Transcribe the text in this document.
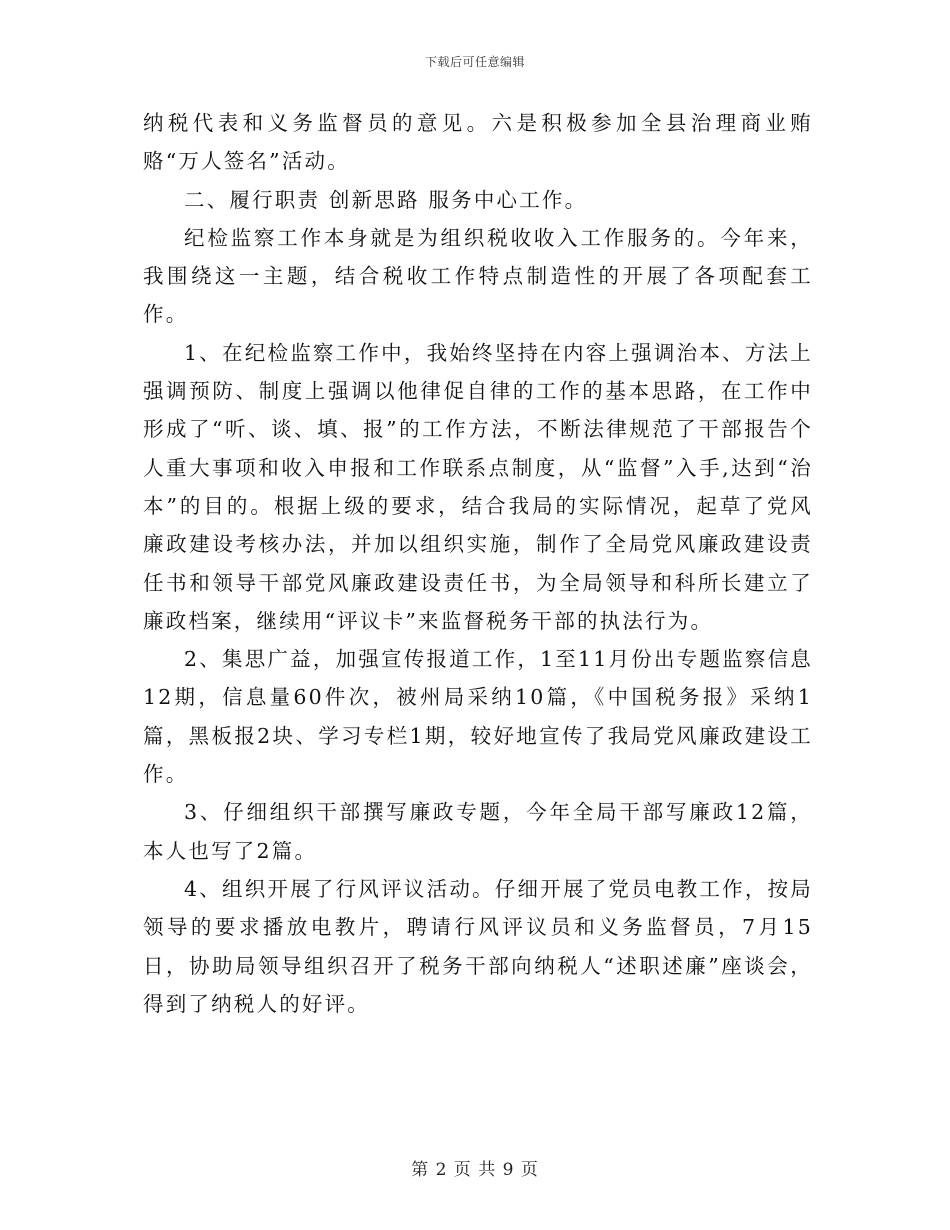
下载后可任意编辑

纳税代表和义务监督员的意见。六是积极参加全县治理商业贿赂“万人签名”活动。

二、履行职责 创新思路 服务中心工作。

纪检监察工作本身就是为组织税收收入工作服务的。今年来，我围绕这一主题，结合税收工作特点制造性的开展了各项配套工作。

1、在纪检监察工作中，我始终坚持在内容上强调治本、方法上强调预防、制度上强调以他律促自律的工作的基本思路，在工作中形成了“听、谈、填、报”的工作方法，不断法律规范了干部报告个人重大事项和收入申报和工作联系点制度，从“监督”入手,达到“治本”的目的。根据上级的要求，结合我局的实际情况，起草了党风廉政建设考核办法，并加以组织实施，制作了全局党风廉政建设责任书和领导干部党风廉政建设责任书，为全局领导和科所长建立了廉政档案，继续用“评议卡”来监督税务干部的执法行为。

2、集思广益，加强宣传报道工作，1至11月份出专题监察信息12期，信息量60件次，被州局采纳10篇，《中国税务报》采纳1篇，黑板报2块、学习专栏1期，较好地宣传了我局党风廉政建设工作。

3、仔细组织干部撰写廉政专题，今年全局干部写廉政12篇，本人也写了2篇。

4、组织开展了行风评议活动。仔细开展了党员电教工作，按局领导的要求播放电教片，聘请行风评议员和义务监督员，7月15日，协助局领导组织召开了税务干部向纳税人“述职述廉”座谈会，得到了纳税人的好评。

第 2 页 共 9 页
